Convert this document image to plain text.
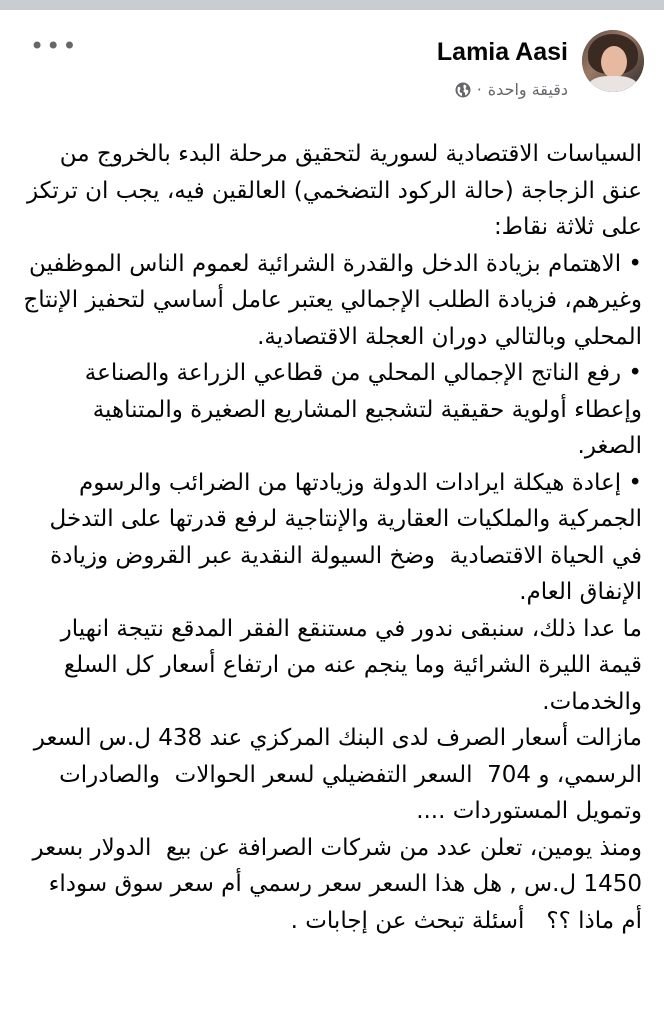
•••	Lamia Aasi
دقيقة واحدة
·

السياسات الاقتصادية لسورية لتحقيق مرحلة البدء بالخروج من عنق الزجاجة (حالة الركود التضخمي) العالقين فيه، يجب ان ترتكز على ثلاثة نقاط:

• الاهتمام بزيادة الدخل والقدرة الشرائية لعموم الناس الموظفين وغيرهم، فزيادة الطلب الإجمالي يعتبر عامل أساسي لتحفيز الإنتاج المحلي وبالتالي دوران العجلة الاقتصادية.

• رفع الناتج الإجمالي المحلي من قطاعي الزراعة والصناعة وإعطاء أولوية حقيقية لتشجيع المشاريع الصغيرة والمتناهية الصغر.

• إعادة هيكلة ايرادات الدولة وزيادتها من الضرائب والرسوم الجمركية والملكيات العقارية والإنتاجية لرفع قدرتها على التدخل في الحياة الاقتصادية  وضخ السيولة النقدية عبر القروض وزيادة الإنفاق العام.

ما عدا ذلك، سنبقى ندور في مستنقع الفقر المدقع نتيجة انهيار قيمة الليرة الشرائية وما ينجم عنه من ارتفاع أسعار كل السلع والخدمات.

مازالت أسعار الصرف لدى البنك المركزي عند 438 ل.س السعر الرسمي، و 704  السعر التفضيلي لسعر الحوالات  والصادرات وتمويل المستوردات ....

ومنذ يومين، تعلن عدد من شركات الصرافة عن بيع  الدولار بسعر 1450 ل.س , هل هذا السعر سعر رسمي أم سعر سوق سوداء  أم ماذا ؟؟   أسئلة تبحث عن إجابات .
